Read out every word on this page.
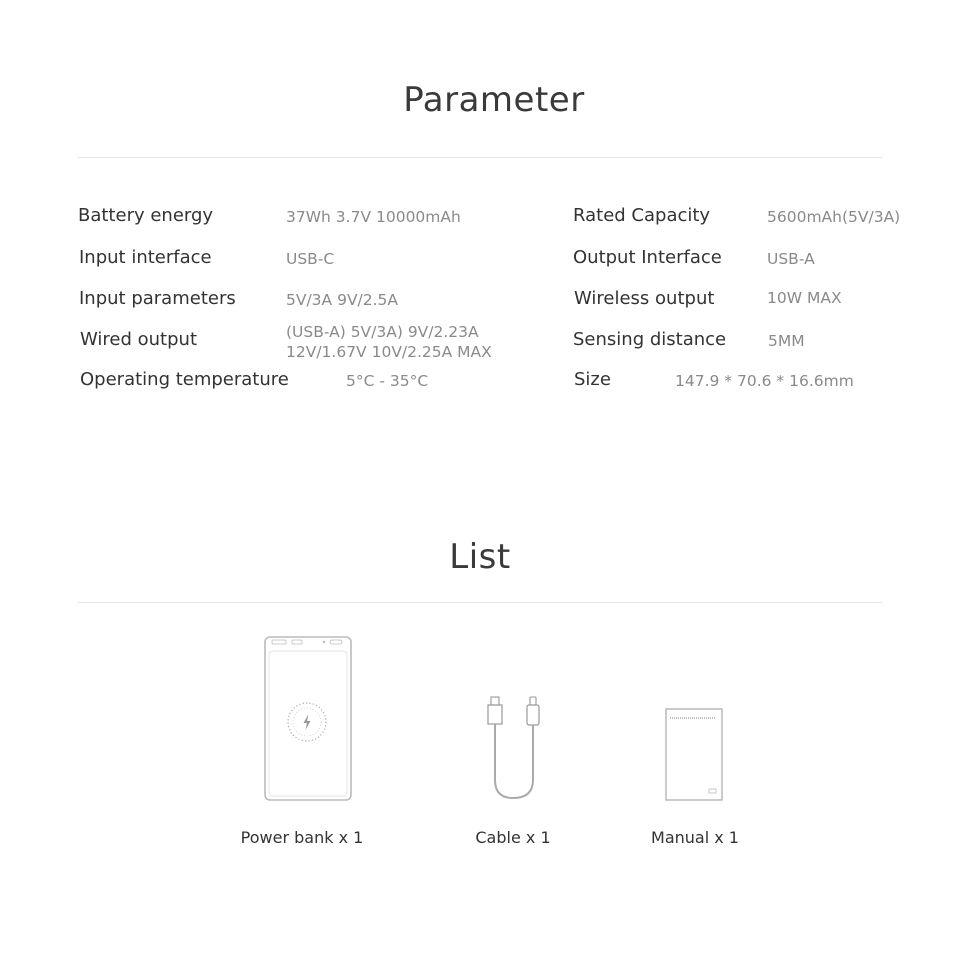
Parameter
Battery energy	37Wh 3.7V 10000mAh
Input interface	USB-C
Input parameters	5V/3A 9V/2.5A
Wired output	(USB-A) 5V/3A) 9V/2.23A
12V/1.67V 10V/2.25A MAX
Operating temperature	5°C - 35°C
Rated Capacity	5600mAh(5V/3A)
Output Interface	USB-A
Wireless output	10W MAX
Sensing distance	5MM
Size	147.9 * 70.6 * 16.6mm
List
Power bank x 1	Cable x 1	Manual x 1
